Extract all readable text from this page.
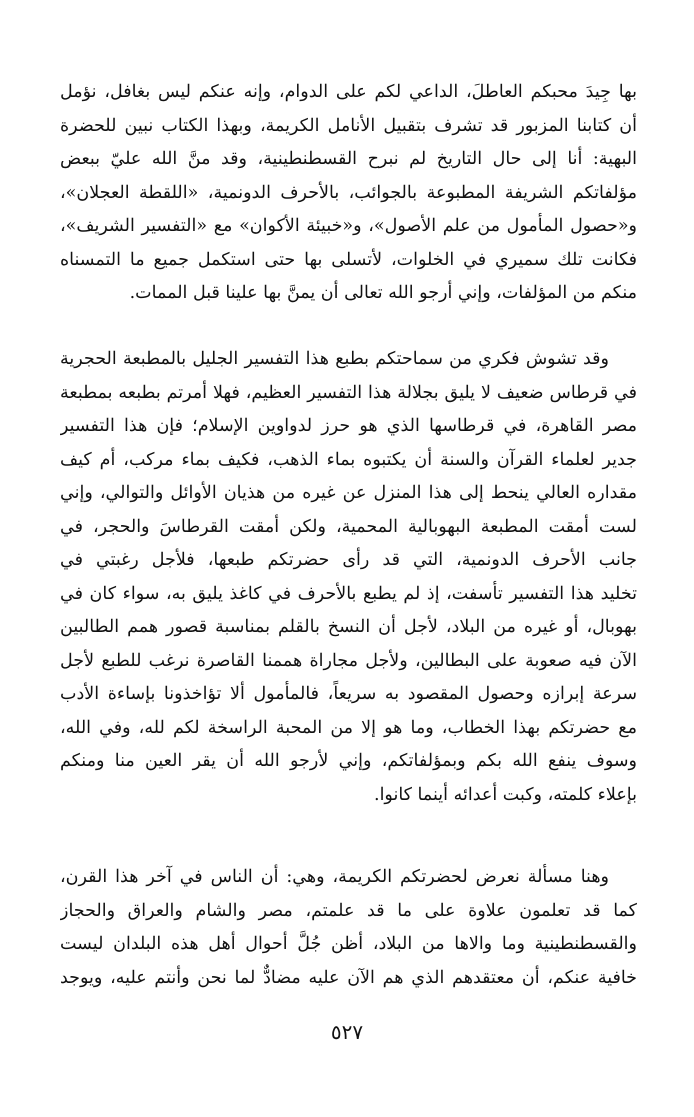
بها جِيدَ محبكم العاطلَ، الداعي لكم على الدوام، وإنه عنكم ليس بغافل، نؤمل
أن كتابنا المزبور قد تشرف بتقبيل الأنامل الكريمة، وبهذا الكتاب نبين للحضرة
البهية: أنا إلى حال التاريخ لم نبرح القسطنطينية، وقد منَّ الله عليّ ببعض
مؤلفاتكم الشريفة المطبوعة بالجوائب، بالأحرف الدونمية، «اللقطة العجلان»،
و«حصول المأمول من علم الأصول»، و«خبيئة الأكوان» مع «التفسير الشريف»،
فكانت تلك سميري في الخلوات، لأتسلى بها حتى استكمل جميع ما التمسناه
منكم من المؤلفات، وإني أرجو الله تعالى أن يمنَّ بها علينا قبل الممات.
وقد تشوش فكري من سماحتكم بطبع هذا التفسير الجليل بالمطبعة الحجرية
في قرطاس ضعيف لا يليق بجلالة هذا التفسير العظيم، فهلا أمرتم بطبعه بمطبعة
مصر القاهرة، في قرطاسها الذي هو حرز لدواوين الإسلام؛ فإن هذا التفسير
جدير لعلماء القرآن والسنة أن يكتبوه بماء الذهب، فكيف بماء مركب، أم كيف
مقداره العالي ينحط إلى هذا المنزل عن غيره من هذيان الأوائل والتوالي، وإني
لست أمقت المطبعة البهوبالية المحمية، ولكن أمقت القرطاسَ والحجر، في
جانب الأحرف الدونمية، التي قد رأى حضرتكم طبعها، فلأجل رغبتي في
تخليد هذا التفسير تأسفت، إذ لم يطبع بالأحرف في كاغذ يليق به، سواء كان في
بهوبال، أو غيره من البلاد، لأجل أن النسخ بالقلم بمناسبة قصور همم الطالبين
الآن فيه صعوبة على البطالين، ولأجل مجاراة هممنا القاصرة نرغب للطبع لأجل
سرعة إبرازه وحصول المقصود به سريعاً، فالمأمول ألا تؤاخذونا بإساءة الأدب
مع حضرتكم بهذا الخطاب، وما هو إلا من المحبة الراسخة لكم لله، وفي الله،
وسوف ينفع الله بكم وبمؤلفاتكم، وإني لأرجو الله أن يقر العين منا ومنكم
بإعلاء كلمته، وكبت أعدائه أينما كانوا.
وهنا مسألة نعرض لحضرتكم الكريمة، وهي: أن الناس في آخر هذا القرن،
كما قد تعلمون علاوة على ما قد علمتم، مصر والشام والعراق والحجاز
والقسطنطينية وما والاها من البلاد، أظن جُلَّ أحوال أهل هذه البلدان ليست
خافية عنكم، أن معتقدهم الذي هم الآن عليه مضادٌّ لما نحن وأنتم عليه، ويوجد
٥٢٧
